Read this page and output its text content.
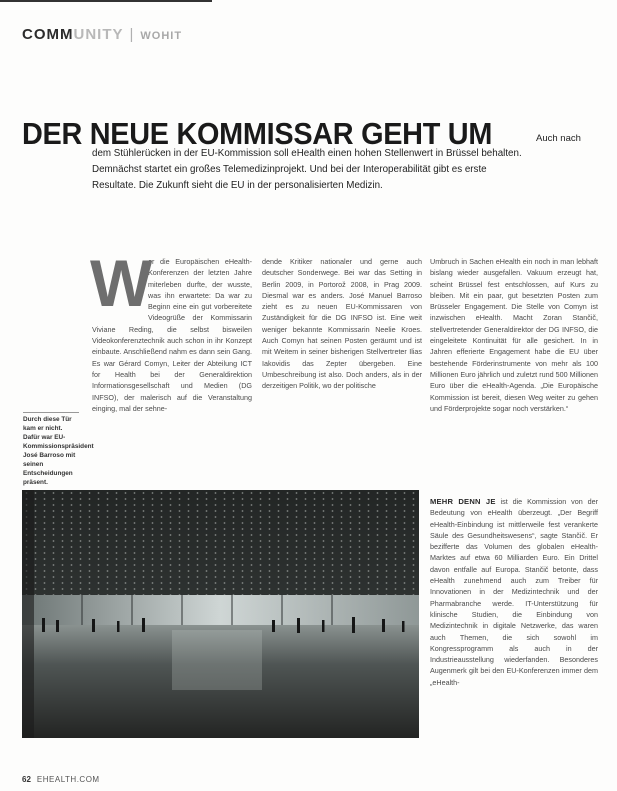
COMMUNITY | WOHIT
DER NEUE KOMMISSAR GEHT UM	Auch nach

dem Stühlerücken in der EU-Kommission soll eHealth einen hohen Stellenwert in Brüssel behalten.

Demnächst startet ein großes Telemedizinprojekt. Und bei der Interoperabilität gibt es erste

Resultate. Die Zukunft sieht die EU in der personalisierten Medizin.

Durch diese Tür kam er nicht. Dafür war EU-Kommissionspräsident José Barroso mit seinen Entscheidungen präsent.
W

er die Europäischen eHealth-Konferenzen der letzten Jahre miterleben durfte, der wusste, was ihn erwartete: Da war zu Beginn eine ein gut vorbereitete Videogrüße der Kommissarin Viviane Reding, die selbst bisweilen Videokonferenztechnik auch schon in ihr Konzept einbaute. Anschließend nahm es dann sein Gang. Es war Gérard Comyn, Leiter der Abteilung ICT for Health bei der Generaldirektion Informationsgesellschaft und Medien (DG INFSO), der malerisch auf die Veranstaltung einging, mal der sehne-

dende Kritiker nationaler und gerne auch deutscher Sonderwege. Bei war das Setting in Berlin 2009, in Portorož 2008, in Prag 2009. Diesmal war es anders. José Manuel Barroso zieht es zu neuen EU-Kommissaren von Zuständigkeit für die DG INFSO ist. Eine weit weniger bekannte Kommissarin Neelie Kroes. Auch Comyn hat seinen Posten geräumt und ist mit Weitem in seiner bisherigen Stellvertreter Ilias Iakovidis das Zepter übergeben. Eine Umbeschreibung ist also. Doch anders, als in der derzeitigen Politik, wo der politische

Umbruch in Sachen eHealth ein noch in man lebhaft bislang wieder ausgefallen. Vakuum erzeugt hat, scheint Brüssel fest entschlossen, auf Kurs zu bleiben. Mit ein paar, gut besetzten Posten zum Brüsseler Engagement. Die Stelle von Comyn ist inzwischen eHealth. Macht Zoran Stančič, stellvertretender Generaldirektor der DG INFSO, die eingeleitete Kontinuität für alle gesichert. In in Jahren efferierte Engagement habe die EU über bestehende Förderinstrumente von mehr als 100 Millionen Euro jährlich und zuletzt rund 500 Millionen Euro über die eHealth-Agenda. „Die Europäische Kommission ist bereit, diesen Weg weiter zu gehen und Förderprojekte sogar noch verstärken.“

MEHR DENN JE ist die Kommission von der Bedeutung von eHealth überzeugt. „Der Begriff eHealth-Einbindung ist mittlerweile fest verankerte Säule des Gesundheitswesens“, sagte Stančič. Er bezifferte das Volumen des globalen eHealth-Marktes auf etwa 60 Milliarden Euro. Ein Drittel davon entfalle auf Europa. Stančič betonte, dass eHealth zunehmend auch zum Treiber für Innovationen in der Medizintechnik und der Pharmabranche werde. IT-Unterstützung für klinische Studien, die Einbindung von Medizintechnik in digitale Netzwerke, das waren auch Themen, die sich sowohl im Kongressprogramm als auch in der Industrieausstellung wiederfanden. Besonderes Augenmerk gilt bei den EU-Konferenzen immer dem „eHealth-

62 EHEALTH.COM
